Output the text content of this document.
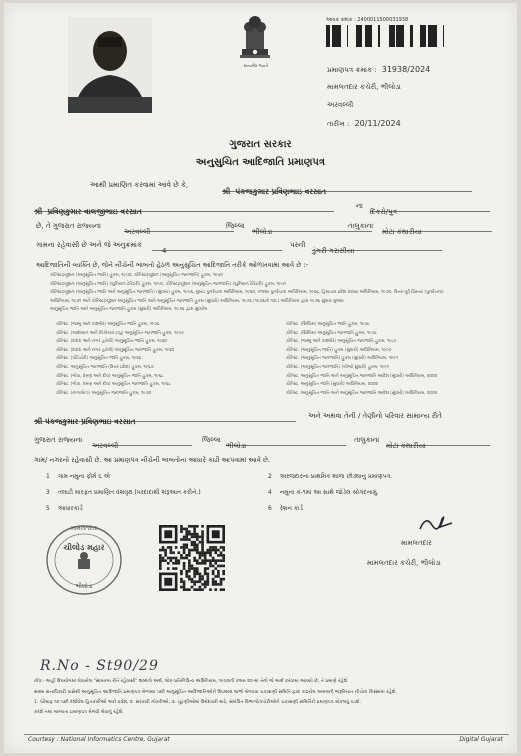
સત્યમેવ જયતે
આવક ક્રમાંક : 2400011500031938
પ્રમાણપત્ર ક્રમાંક : 31938/2024
મામલતદાર કચેરી, ભીલોડા
અરવલ્લી
તારીખ : 20/11/2024
ગુજરાત સરકાર
અનુસુચિત આદિજાતિ પ્રમાણપત્ર
આથી પ્રમાણિત કરવામાં આવે છે કે,
શ્રી પંકજકુમાર પ્રવિણભાઇ વરસાત
શ્રી પ્રવિણકુમાર વાલજીભાઇ વરસાત
ના
દિકરો/પુત્ર
છે, તે ગુજરાત રાજ્યના
અરવલ્લી
જિલ્લા
ભીલોડા
તાલુકાના
મોટા કંથારીયા
ગામના રહેવાસી છે અને જે અનુક્રમાંક
4
પરની
ડુંગરી ગરાસીયા
આદિજાતિની વ્યક્તિ છે, જેને નીચેની બાબતો હેઠળ અનુસુચિત આદિજાતિ તરીકે ઓળખવામાં આવે છે :-
કોન્સ્ટિટ્યૂશન (અનુસૂચિત જાતિ) હુકમ, ૧૯૫૦, કોન્સ્ટિટ્યૂશન (અનુસૂચિત જનજાતિ) હુકમ, ૧૯૫૦
કોન્સ્ટિટ્યૂશન (અનુસૂચિત જાતિ) (યુનિયન ટેરિટરી) હુકમ, ૧૯૫૧, કોન્સ્ટિટ્યૂશન (અનુસૂચિત જનજાતિ) (યુનિયન ટેરિટરી) હુકમ, ૧૯૫૧
કોન્સ્ટિટ્યૂશન (અનુસૂચિત જાતિ અને અનુસૂચિત જનજાતિ) (સુધારા) હુકમ, ૧૯૫૬, મુંબઇ પુનર્રચના અધિનિયમ, ૧૯૬૦, પંજાબ પુનર્રચના અધિનિયમ, ૧૯૬૬, હિમાચલ પ્રદેશ રાજ્ય અધિનિયમ, ૧૯૭૦, ઉત્તર-પૂર્વ વિસ્તાર (પુનર્રચના)
અધિનિયમ, ૧૯૭૧ અને કોન્સ્ટિટ્યૂશન અનુસૂચિત જાતિ અને અનુસૂચિત જનજાતિ હુકમ (સુધારો) અધિનિયમ, ૧૯૭૬ (૧૯૭૬નો ૧૦૮) અધિનિયમ દ્વારા ૧૯૭૬ સુધારા મુજબ
અનુસૂચિત જાતિ અને અનુસૂચિત જનજાતિ હુકમ (સુધારો) અધિનિયમ, ૧૯૭૬ દ્વારા સુધારેલ
કોન્સ્ટિ. (જમ્મુ અને કાશ્મીર) અનુસૂચિત જાતિ હુકમ, ૧૯૫૬
કોન્સ્ટિ. (આંદામાન અને નિકોબાર ટાપુ) અનુસૂચિત જનજાતિ હુકમ, ૧૯૫૯
કોન્સ્ટિ. (દાદરા અને નગર હવેલી) અનુસૂચિત જાતિ હુકમ, ૧૯૬૨
કોન્સ્ટિ. (દાદરા અને નગર હવેલી) અનુસૂચિત જનજાતિ હુકમ, ૧૯૬૨
કોન્સ્ટિ. (પોંડિચેરી) અનુસૂચિત જાતિ હુકમ, ૧૯૬૪
કોન્સ્ટિ. અનુસૂચિત જનજાતિ (ઉત્તર પ્રદેશ) હુકમ, ૧૯૬૭
કોન્સ્ટિ. (ગોવા, દમણ અને દીવ) અનુસૂચિત જાતિ હુકમ, ૧૯૬૮
કોન્સ્ટિ. (ગોવા, દમણ અને દીવ) અનુસૂચિત જનજાતિ હુકમ, ૧૯૬૮
કોન્સ્ટિ. (નાગાલેન્ડ) અનુસૂચિત જનજાતિ હુકમ, ૧૯૭૦
કોન્સ્ટિ. (સિક્કિમ) અનુસૂચિત જાતિ હુકમ, ૧૯૭૮
કોન્સ્ટિ. (સિક્કિમ) અનુસૂચિત જનજાતિ હુકમ, ૧૯૭૮
કોન્સ્ટિ. (જમ્મુ અને કાશ્મીર) અનુસૂચિત જનજાતિ હુકમ, ૧૯૮૯
કોન્સ્ટિ. (અનુસૂચિત જાતિ) હુકમ (સુધારો) અધિનિયમ, ૧૯૯૦
કોન્સ્ટિ. (અનુસૂચિત જનજાતિ) હુકમ (સુધારો) અધિનિયમ, ૧૯૯૧
કોન્સ્ટિ. (અનુસૂચિત જનજાતિ) (બીજો સુધારો) હુકમ, ૧૯૯૧
કોન્સ્ટિ. અનુસૂચિત જાતિ અને અનુસૂચિત જનજાતિ આદેશ (સુધારો) અધિનિયમ, ૨૦૦૨
કોન્સ્ટિ. અનુસૂચિત જાતિ (સુધારો) અધિનિયમ, ૨૦૦૨
કોન્સ્ટિ. અનુસૂચિત જાતિ અને અનુસૂચિત જનજાતિ આદેશ (સુધારો) અધિનિયમ, ૨૦૦૨
શ્રી પંકજકુમાર પ્રવિણભાઇ વરસાત
અને અથવા તેની / તેણીનો પરિવાર સામાન્ય રીતે
ગુજરાત રાજ્યના
અરવલ્લી
જિલ્લા
ભીલોડા
તાલુકાના
મોટા કંથારીયા
ગામ/ નગરનો રહેવાસી છે. આ પ્રમાણપત્ર નીચેની બાબતોના આધારે કાઢી આપવામાં આવે છે.
1 ગામ નમુના ફોર્મ ૬ એ	2 અરજદારના પ્રાથમિક શાળા છોડ્યાનું પ્રમાણપત્ર.
3 તલાટી મારફત પ્રમાણિત વંશવૃક્ષ (પરદાદાથી શરૂઆત કરીને.)	4 નમુના ક-૧માં આ સાથે જોડેલ સોગંદનામું.
5 આધારકાર્ડ	6 રેશન કાર્ડ
મામલતદાર
ચીલોડ મહાર
ભીલોડા
મામલતદાર
મામલતદાર કચેરી, ભીલોડા
R.No - St90/29
નોંધ:- અહીં ઉપયોગમાં લેવાયેલ "સામાન્ય રીતે રહેવાસી" શબ્દનો અર્થ, લોક-પ્રતિનિધિત્વ અધિનિયમ, ૧૯૫૦ની કલમ ૨૦-માં તેનો જે અર્થ કરવામાં આવ્યો છે, તે પ્રમાણે રહેશે.
સક્ષમ સત્તાધિકારી પાસેથી અનુસૂચિત આદિજાતિ પ્રમાણપત્ર મેળવ્યા પછી અનુસૂચિત આદિજાતિઓને ઉપલબ્ધ લાભો મેળવવા ચકાસણી સમિતિ દ્વારા કઢાયેલ અમલની જરૂરિયાત નીચેના કિસ્સામાં રહેશે.
1. પેરેગ્રાફ ૧૦ પછી દર્શાવેલ હિતકારીઓ અને પ્રવેશ, ૨. સરકારી નોકરીઓ, ૩. ચૂંટણીઓમાં ઉમેદવારી માટે, સંબંધિત વિભાગો/કચેરીઓને ચકાસણી સમિતિને પ્રમાણપત્ર મોકલવું પડશે.
કરશે તથા માન્યતા પ્રમાણપત્ર મેળવી લેવાનું રહેશે.
Courtesy : National Informatics Centre, Gujarat	Digital Gujarat
